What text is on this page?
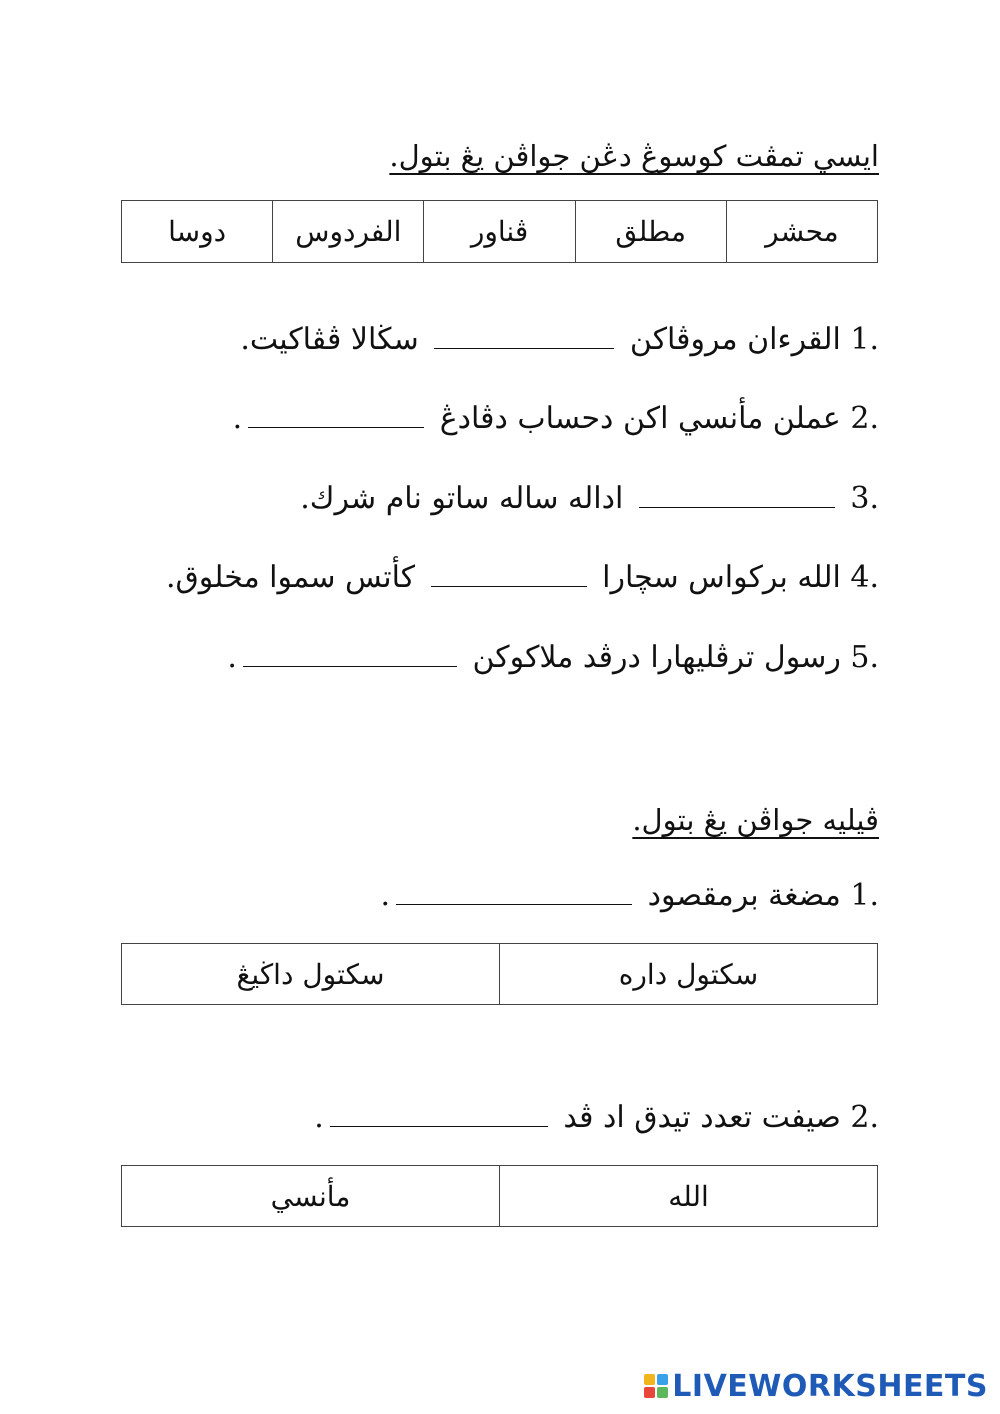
ايسي تمڤت كوسوڠ دڠن جواڤن يڠ بتول.
محشر	مطلق	ڤناور	الفردوس	دوسا
1. القرءان مروڤاكن  سڬالا ڤڤاكيت.
2. عملن مأنسي اكن دحساب دڤادڠ .
3.  اداله ساله ساتو نام شرك.
4. الله بركواس سچارا  كأتس سموا مخلوق.
5. رسول ترڤليهارا درڤد ملاكوكن .
ڤيليه جواڤن يڠ بتول.
1. مضغة برمقصود .
سكتول داره	سكتول داڬيڠ
2. صيفت تعدد تيدق اد ڤد .
الله	مأنسي
LIVEWORKSHEETS
